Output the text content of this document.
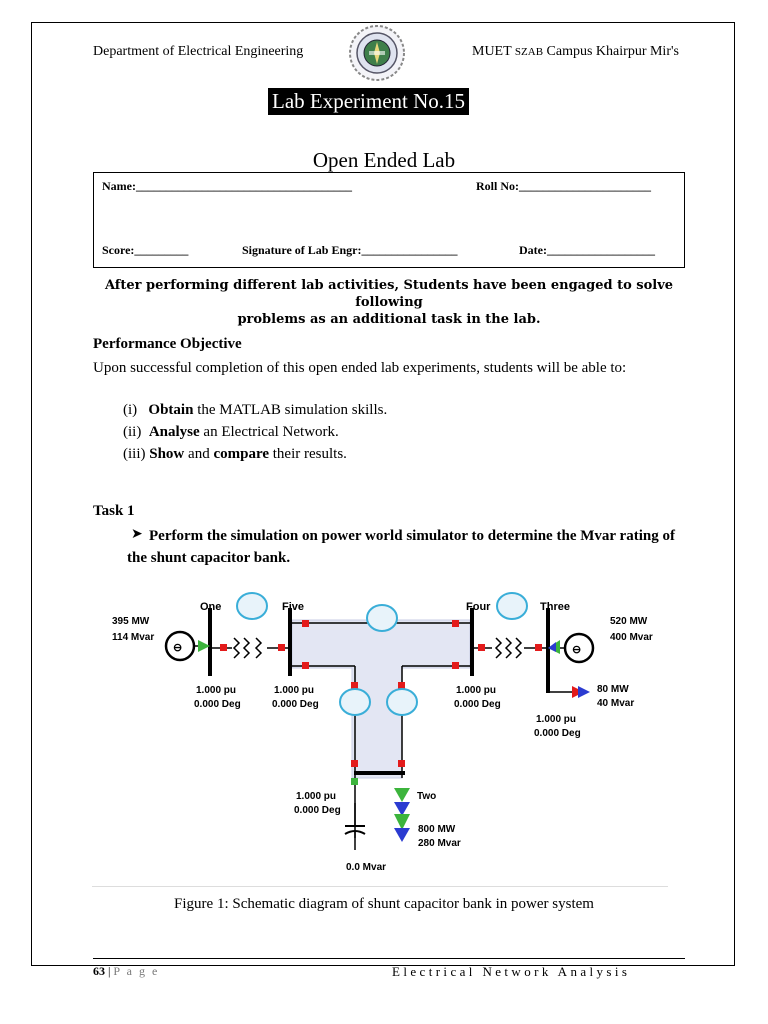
Department of Electrical Engineering	MUET SZAB Campus Khairpur Mir's
Lab Experiment No.15
Open Ended Lab
Name:____________________________________	Roll No:______________________
Score:_________	Signature of Lab Engr:________________	Date:__________________
After performing different lab activities, Students have been engaged to solve following
problems as an additional task in the lab.
Performance Objective
Upon successful completion of this open ended lab experiments, students will be able to:
(i) Obtain the MATLAB simulation skills.
(ii) Analyse an Electrical Network.
(iii) Show and compare their results.
Task 1
➤ Perform the simulation on power world simulator to determine the Mvar rating of the shunt capacitor bank.
⊖	⊖
One	Five	Four	Three
Two
395 MW
114 Mvar
520 MW
400 Mvar
80 MW
40 Mvar
800 MW
280 Mvar
0.0 Mvar
1.000 pu
0.000 Deg
1.000 pu
0.000 Deg
1.000 pu
0.000 Deg
1.000 pu
0.000 Deg
1.000 pu
0.000 Deg
Figure 1: Schematic diagram of shunt capacitor bank in power system
63 | P a g e	Electrical Network Analysis
